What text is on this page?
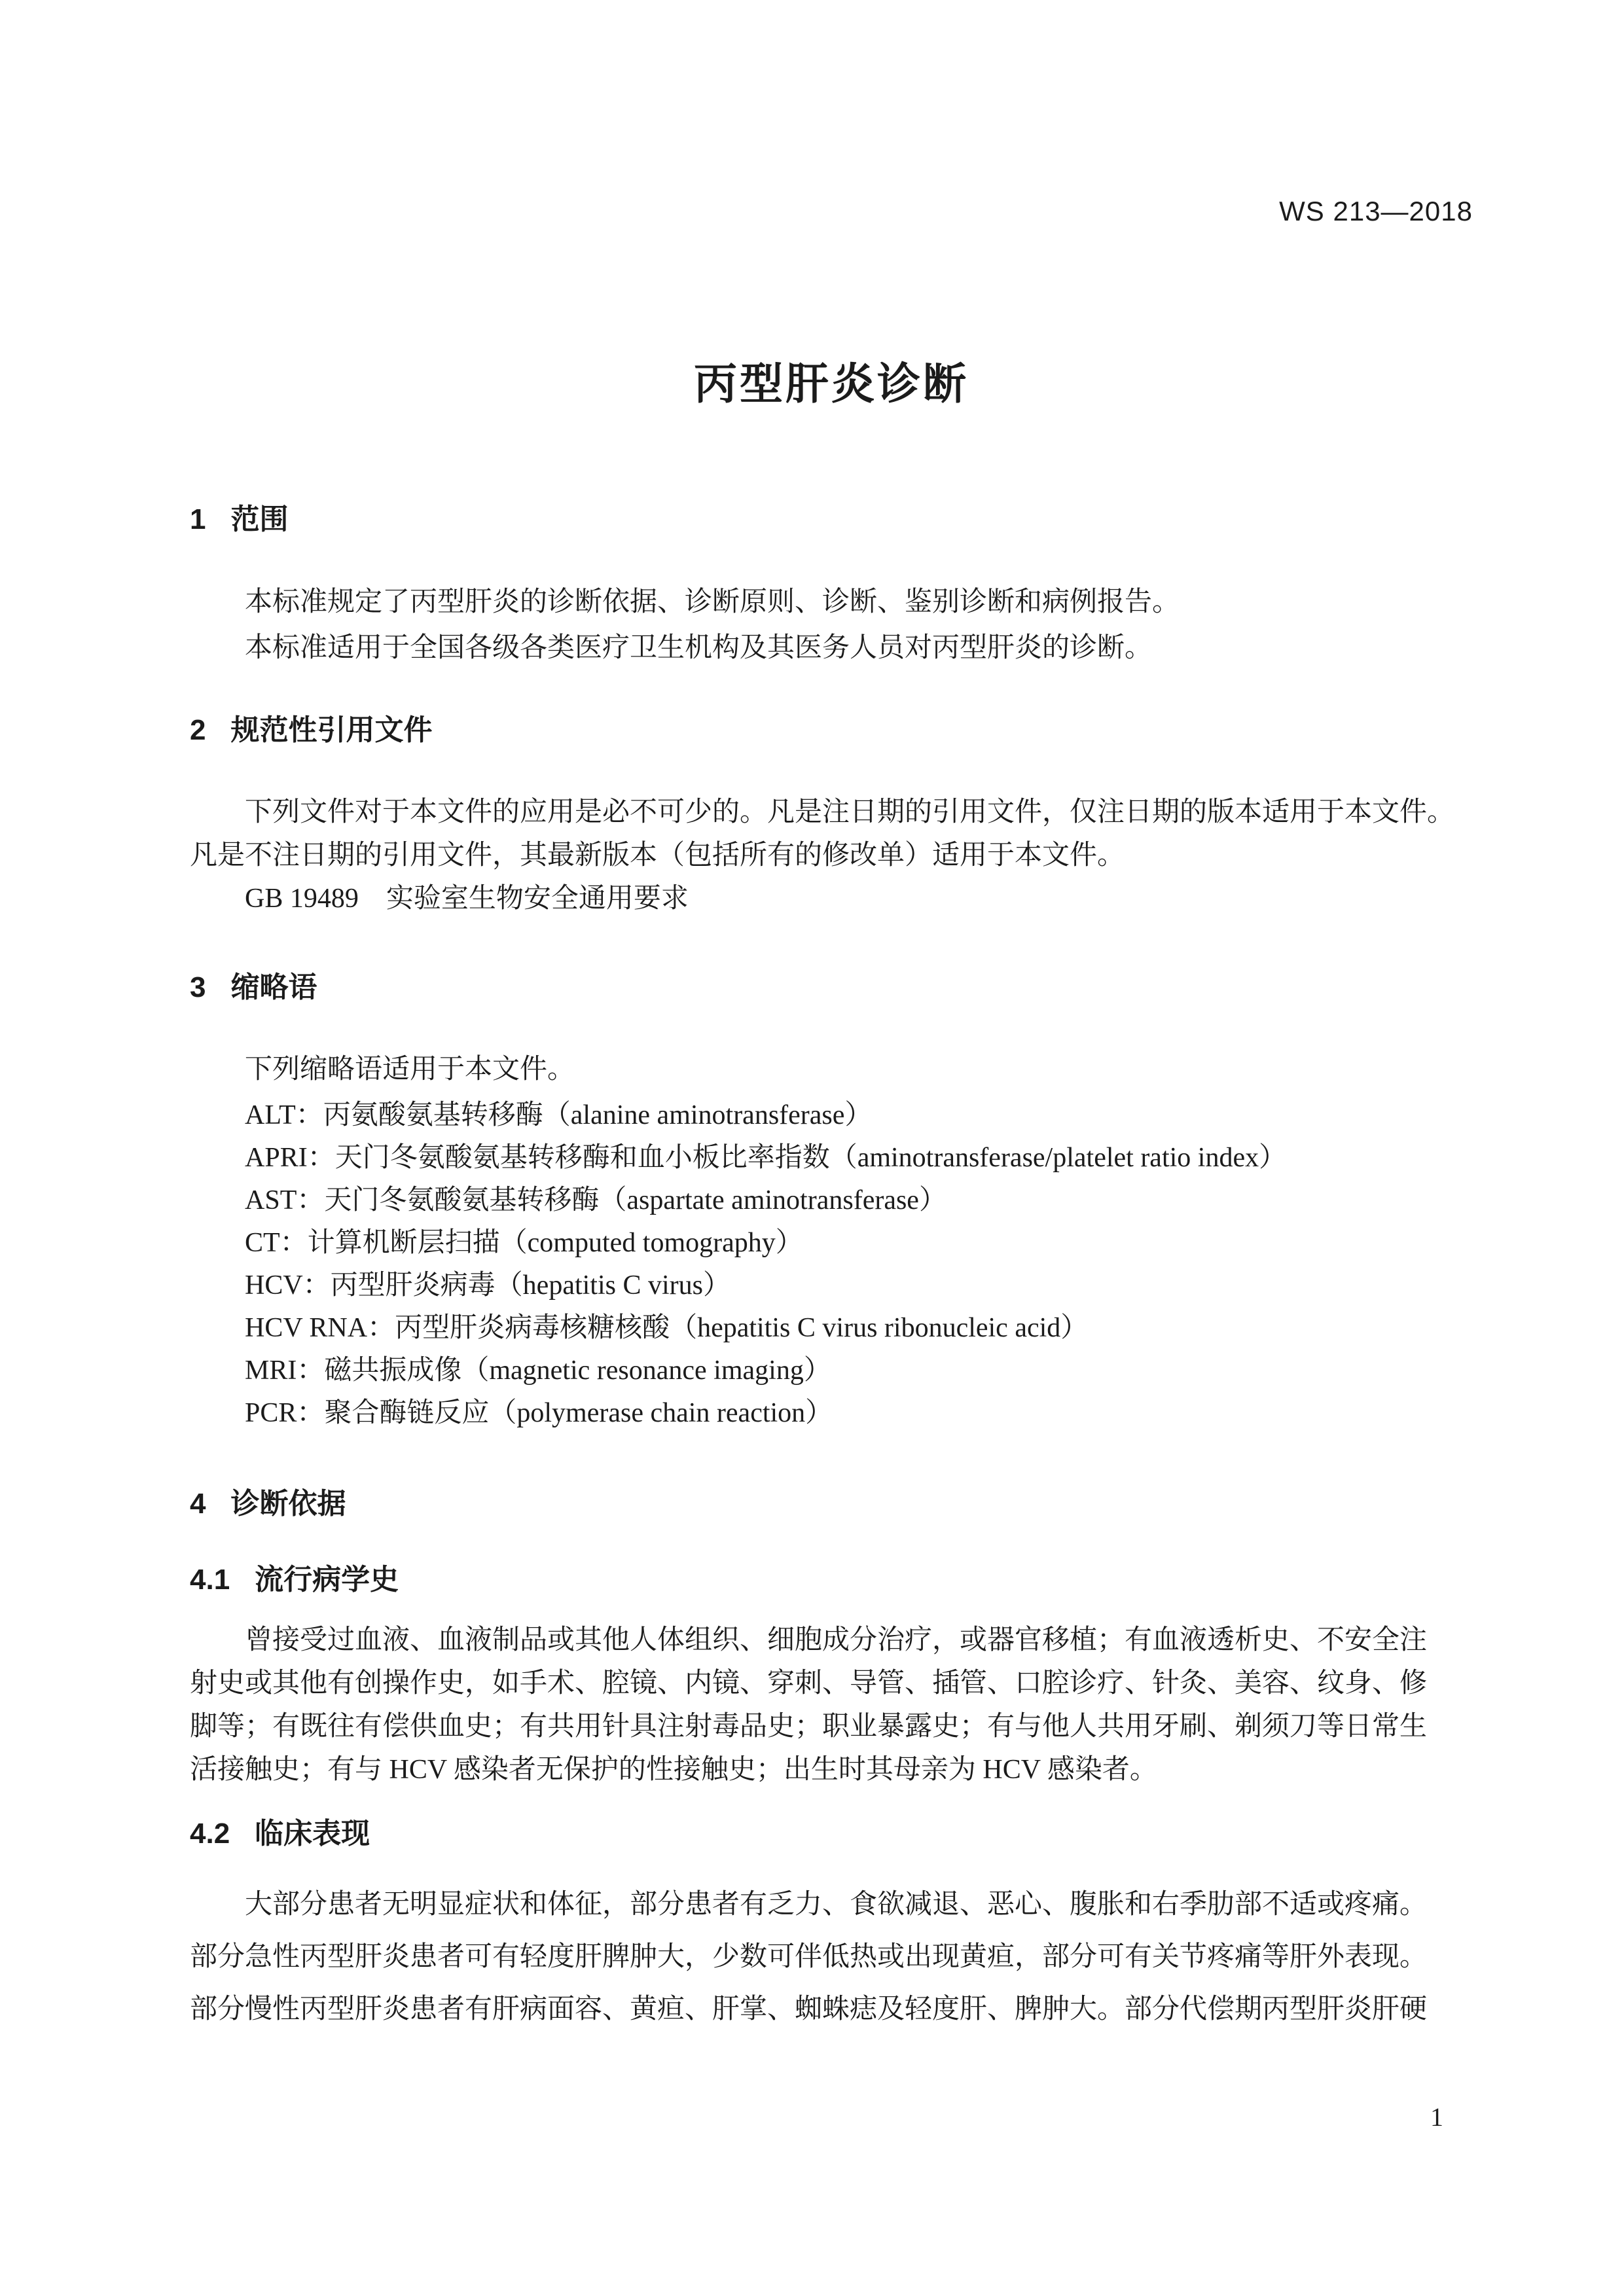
WS 213—2018
丙型肝炎诊断
1 范围
本标准规定了丙型肝炎的诊断依据、诊断原则、诊断、鉴别诊断和病例报告。
本标准适用于全国各级各类医疗卫生机构及其医务人员对丙型肝炎的诊断。
2 规范性引用文件
下列文件对于本文件的应用是必不可少的。凡是注日期的引用文件，仅注日期的版本适用于本文件。
凡是不注日期的引用文件，其最新版本（包括所有的修改单）适用于本文件。
GB 19489　实验室生物安全通用要求
3 缩略语
下列缩略语适用于本文件。
ALT：丙氨酸氨基转移酶（alanine aminotransferase）
APRI：天门冬氨酸氨基转移酶和血小板比率指数（aminotransferase/platelet ratio index）
AST：天门冬氨酸氨基转移酶（aspartate aminotransferase）
CT：计算机断层扫描（computed tomography）
HCV：丙型肝炎病毒（hepatitis C virus）
HCV RNA：丙型肝炎病毒核糖核酸（hepatitis C virus ribonucleic acid）
MRI：磁共振成像（magnetic resonance imaging）
PCR：聚合酶链反应（polymerase chain reaction）
4 诊断依据
4.1 流行病学史
曾接受过血液、血液制品或其他人体组织、细胞成分治疗，或器官移植；有血液透析史、不安全注
射史或其他有创操作史，如手术、腔镜、内镜、穿刺、导管、插管、口腔诊疗、针灸、美容、纹身、修
脚等；有既往有偿供血史；有共用针具注射毒品史；职业暴露史；有与他人共用牙刷、剃须刀等日常生
活接触史；有与 HCV 感染者无保护的性接触史；出生时其母亲为 HCV 感染者。
4.2 临床表现
大部分患者无明显症状和体征，部分患者有乏力、食欲减退、恶心、腹胀和右季肋部不适或疼痛。
部分急性丙型肝炎患者可有轻度肝脾肿大，少数可伴低热或出现黄疸，部分可有关节疼痛等肝外表现。
部分慢性丙型肝炎患者有肝病面容、黄疸、肝掌、蜘蛛痣及轻度肝、脾肿大。部分代偿期丙型肝炎肝硬
1
